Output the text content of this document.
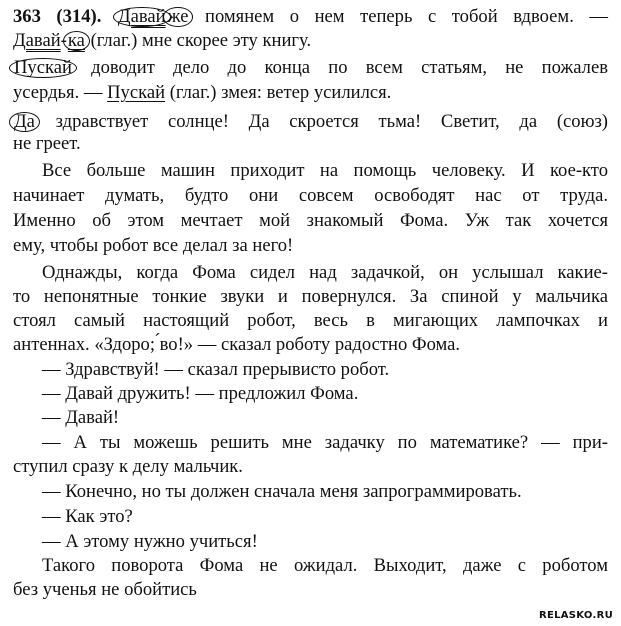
363 (314). Давай же помянем о нем теперь с тобой вдвоем. —
Давай-ка (глаг.) мне скорее эту книгу.
Пускай доводит дело до конца по всем статьям, не пожалев
усердья. — Пускай (глаг.) змея: ветер усилился.
Да здравствует солнце! Да скроется тьма! Светит, да (союз)
не греет.
Все больше машин приходит на помощь человеку. И кое-кто
начинает думать, будто они совсем освободят нас от труда.
Именно об этом мечтает мой знакомый Фома. Уж так хочется
ему, чтобы робот все делал за него!
Однажды, когда Фома сидел над задачкой, он услышал какие-
то непонятные тонкие звуки и повернулся. За спиной у мальчика
стоял самый настоящий робот, весь в мигающих лампочках и
антеннах. «Здоро; ́во!» — сказал роботу радостно Фома.
— Здравствуй! — сказал прерывисто робот.
— Давай дружить! — предложил Фома.
— Давай!
— А ты можешь решить мне задачку по математике? — при-
ступил сразу к делу мальчик.
— Конечно, но ты должен сначала меня запрограммировать.
— Как это?
— А этому нужно учиться!
Такого поворота Фома не ожидал. Выходит, даже с роботом
без ученья не обойтись
RELASKO.RU
